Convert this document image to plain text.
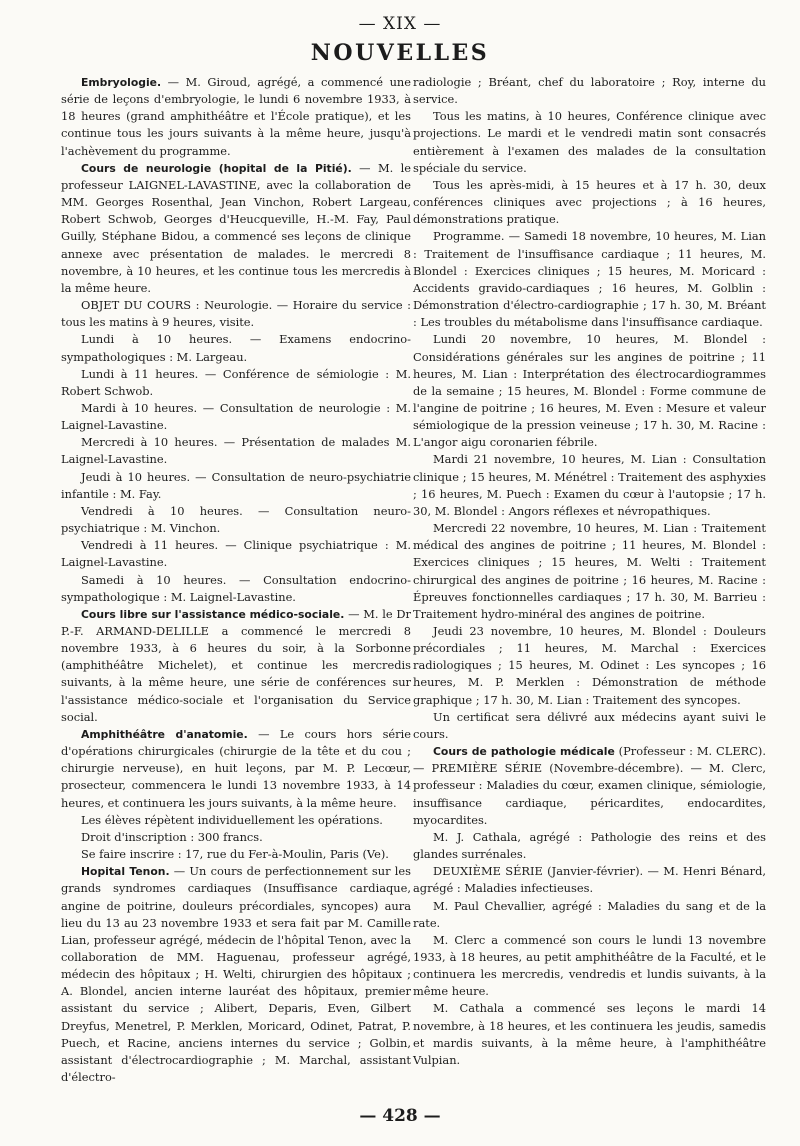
— XIX —
NOUVELLES

Embryologie. — M. Giroud, agrégé, a commencé une série de leçons d'embryologie, le lundi 6 novembre 1933, à 18 heures (grand amphithéâtre et l'École pratique), et les continue tous les jours suivants à la même heure, jusqu'à l'achèvement du programme.

Cours de neurologie (hopital de la Pitié). — M. le professeur LAIGNEL-LAVASTINE, avec la collaboration de MM. Georges Rosenthal, Jean Vinchon, Robert Largeau, Robert Schwob, Georges d'Heucqueville, H.-M. Fay, Paul Guilly, Stéphane Bidou, a commencé ses leçons de clinique annexe avec présentation de malades. le mercredi 8 novembre, à 10 heures, et les continue tous les mercredis à la même heure.

OBJET DU COURS : Neurologie. — Horaire du service : tous les matins à 9 heures, visite.

Lundi à 10 heures. — Examens endocrino-sympathologiques : M. Largeau.

Lundi à 11 heures. — Conférence de sémiologie : M. Robert Schwob.

Mardi à 10 heures. — Consultation de neurologie : M. Laignel-Lavastine.

Mercredi à 10 heures. — Présentation de malades M. Laignel-Lavastine.

Jeudi à 10 heures. — Consultation de neuro-psychiatrie infantile : M. Fay.

Vendredi à 10 heures. — Consultation neuro-psychiatrique : M. Vinchon.

Vendredi à 11 heures. — Clinique psychiatrique : M. Laignel-Lavastine.

Samedi à 10 heures. — Consultation endocrino-sympathologique : M. Laignel-Lavastine.

Cours libre sur l'assistance médico-sociale. — M. le Dr P.-F. ARMAND-DELILLE a commencé le mercredi 8 novembre 1933, à 6 heures du soir, à la Sorbonne (amphithéâtre Michelet), et continue les mercredis suivants, à la même heure, une série de conférences sur l'assistance médico-sociale et l'organisation du Service social.

Amphithéâtre d'anatomie. — Le cours hors série d'opérations chirurgicales (chirurgie de la tête et du cou ; chirurgie nerveuse), en huit leçons, par M. P. Lecœur, prosecteur, commencera le lundi 13 novembre 1933, à 14 heures, et continuera les jours suivants, à la même heure.

Les élèves répètent individuellement les opérations.

Droit d'inscription : 300 francs.

Se faire inscrire : 17, rue du Fer-à-Moulin, Paris (Ve).

Hopital Tenon. — Un cours de perfectionnement sur les grands syndromes cardiaques (Insuffisance cardiaque, angine de poitrine, douleurs précordiales, syncopes) aura lieu du 13 au 23 novembre 1933 et sera fait par M. Camille Lian, professeur agrégé, médecin de l'hôpital Tenon, avec la collaboration de MM. Haguenau, professeur agrégé, médecin des hôpitaux ; H. Welti, chirurgien des hôpitaux ; A. Blondel, ancien interne lauréat des hôpitaux, premier assistant du service ; Alibert, Deparis, Even, Gilbert Dreyfus, Menetrel, P. Merklen, Moricard, Odinet, Patrat, P. Puech, et Racine, anciens internes du service ; Golbin, assistant d'électrocardiographie ; M. Marchal, assistant d'électro-

radiologie ; Bréant, chef du laboratoire ; Roy, interne du service.

Tous les matins, à 10 heures, Conférence clinique avec projections. Le mardi et le vendredi matin sont consacrés entièrement à l'examen des malades de la consultation spéciale du service.

Tous les après-midi, à 15 heures et à 17 h. 30, deux conférences cliniques avec projections ; à 16 heures, démonstrations pratique.

Programme. — Samedi 18 novembre, 10 heures, M. Lian : Traitement de l'insuffisance cardiaque ; 11 heures, M. Blondel : Exercices cliniques ; 15 heures, M. Moricard : Accidents gravido-cardiaques ; 16 heures, M. Golblin : Démonstration d'électro-cardiographie ; 17 h. 30, M. Bréant : Les troubles du métabolisme dans l'insuffisance cardiaque.

Lundi 20 novembre, 10 heures, M. Blondel : Considérations générales sur les angines de poitrine ; 11 heures, M. Lian : Interprétation des électrocardiogrammes de la semaine ; 15 heures, M. Blondel : Forme commune de l'angine de poitrine ; 16 heures, M. Even : Mesure et valeur sémiologique de la pression veineuse ; 17 h. 30, M. Racine : L'angor aigu coronarien fébrile.

Mardi 21 novembre, 10 heures, M. Lian : Consultation clinique ; 15 heures, M. Ménétrel : Traitement des asphyxies ; 16 heures, M. Puech : Examen du cœur à l'autopsie ; 17 h. 30, M. Blondel : Angors réflexes et névropathiques.

Mercredi 22 novembre, 10 heures, M. Lian : Traitement médical des angines de poitrine ; 11 heures, M. Blondel : Exercices cliniques ; 15 heures, M. Welti : Traitement chirurgical des angines de poitrine ; 16 heures, M. Racine : Épreuves fonctionnelles cardiaques ; 17 h. 30, M. Barrieu : Traitement hydro-minéral des angines de poitrine.

Jeudi 23 novembre, 10 heures, M. Blondel : Douleurs précordiales ; 11 heures, M. Marchal : Exercices radiologiques ; 15 heures, M. Odinet : Les syncopes ; 16 heures, M. P. Merklen : Démonstration de méthode graphique ; 17 h. 30, M. Lian : Traitement des syncopes.

Un certificat sera délivré aux médecins ayant suivi le cours.

Cours de pathologie médicale (Professeur : M. CLERC). — PREMIÈRE SÉRIE (Novembre-décembre). — M. Clerc, professeur : Maladies du cœur, examen clinique, sémiologie, insuffisance cardiaque, péricardites, endocardites, myocardites.

M. J. Cathala, agrégé : Pathologie des reins et des glandes surrénales.

DEUXIÈME SÉRIE (Janvier-février). — M. Henri Bénard, agrégé : Maladies infectieuses.

M. Paul Chevallier, agrégé : Maladies du sang et de la rate.

M. Clerc a commencé son cours le lundi 13 novembre 1933, à 18 heures, au petit amphithéâtre de la Faculté, et le continuera les mercredis, vendredis et lundis suivants, à la même heure.

M. Cathala a commencé ses leçons le mardi 14 novembre, à 18 heures, et les continuera les jeudis, samedis et mardis suivants, à la même heure, à l'amphithéâtre Vulpian.

— 428 —
